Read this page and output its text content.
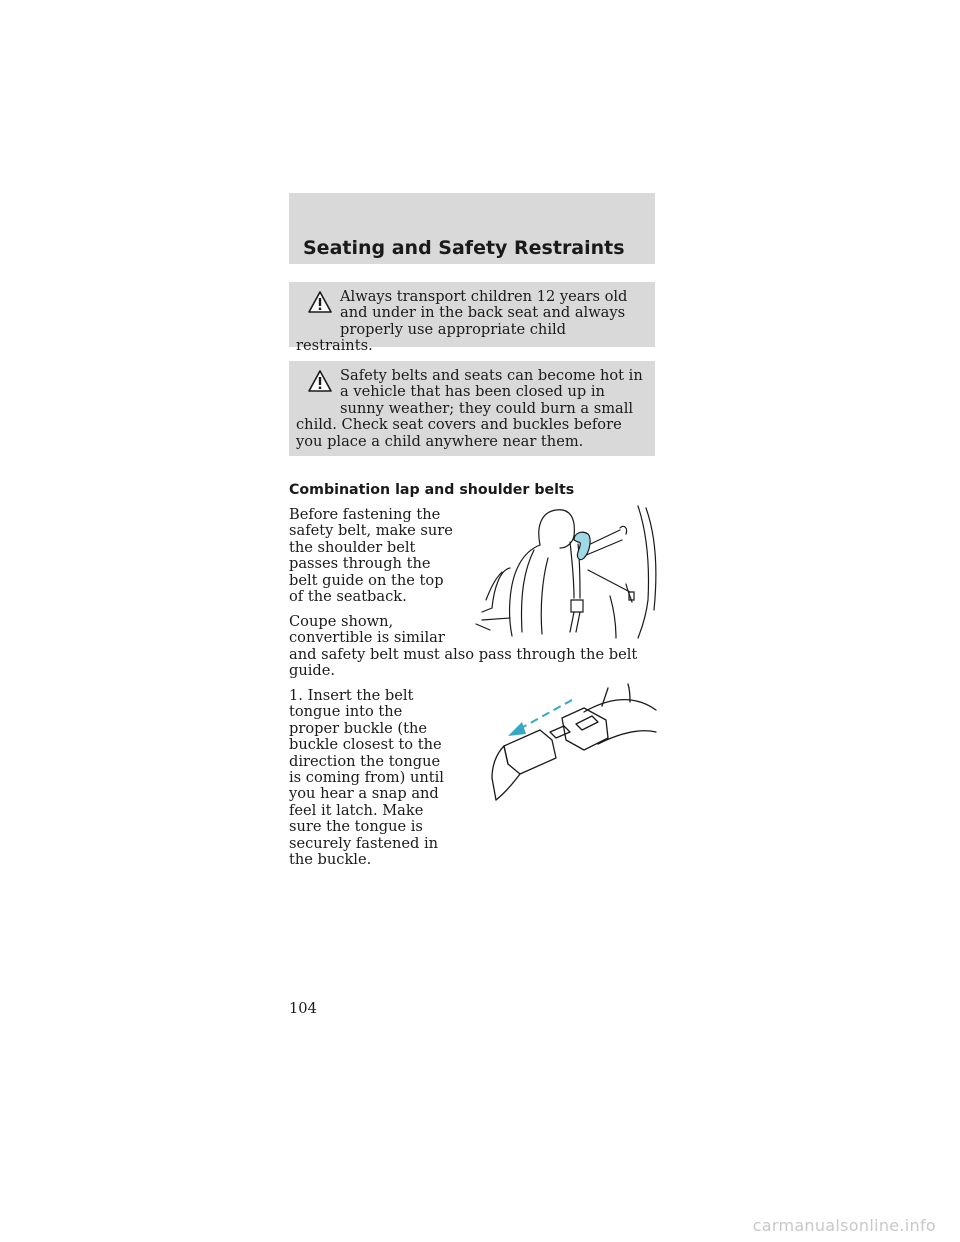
Seating and Safety Restraints
Always transport children 12 years old and under in the back seat and always properly use appropriate child restraints.
Safety belts and seats can become hot in a vehicle that has been closed up in sunny weather; they could burn a small child. Check seat covers and buckles before you place a child anywhere near them.
Combination lap and shoulder belts

Before fastening the safety belt, make sure the shoulder belt passes through the belt guide on the top of the seatback.

Coupe shown, convertible is similar

and safety belt must also pass through the belt guide.

1. Insert the belt tongue into the proper buckle (the buckle closest to the direction the tongue is coming from) until you hear a snap and feel it latch. Make sure the tongue is securely fastened in the buckle.

104
carmanualsonline.info
